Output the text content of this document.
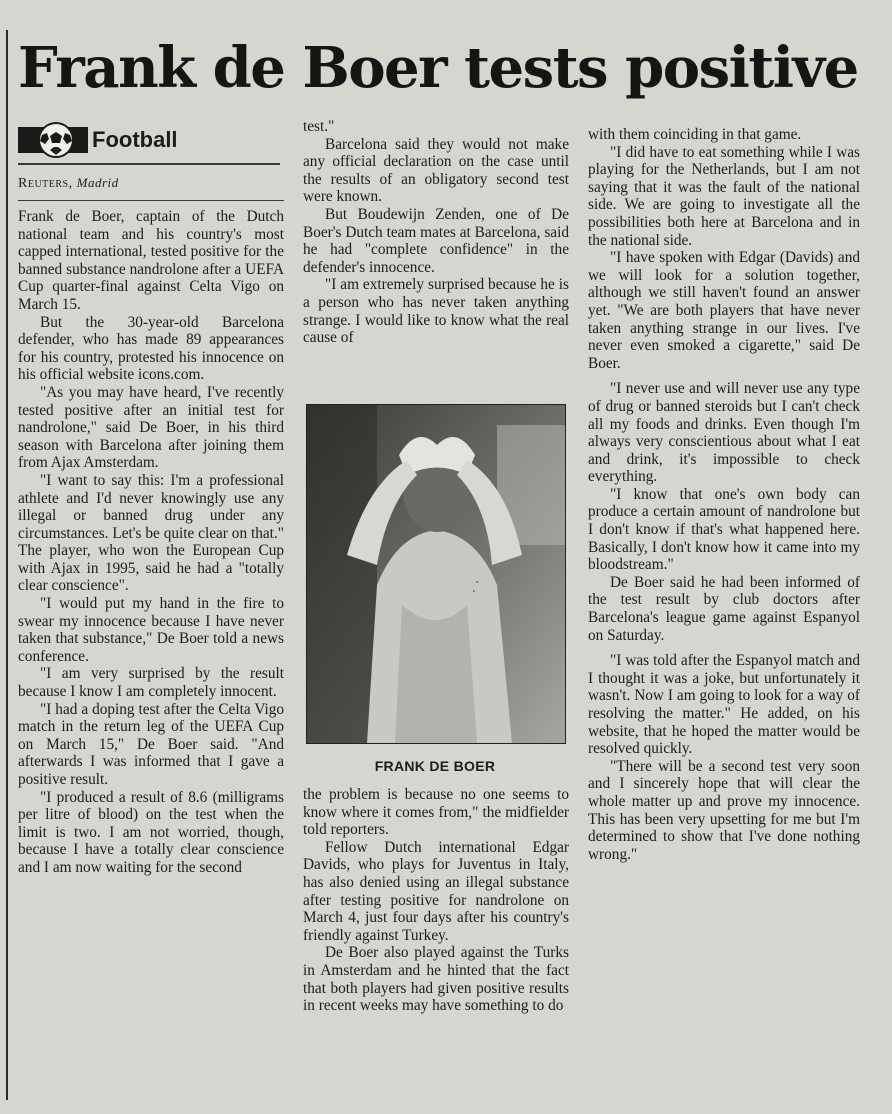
Frank de Boer tests positive
Football
Reuters, Madrid

Frank de Boer, captain of the Dutch national team and his country's most capped international, tested positive for the banned substance nandrolone after a UEFA Cup quarter-final against Celta Vigo on March 15.

But the 30-year-old Barcelona defender, who has made 89 appearances for his country, protested his innocence on his official website icons.com.

"As you may have heard, I've recently tested positive after an initial test for nandrolone," said De Boer, in his third season with Barcelona after joining them from Ajax Amsterdam.

"I want to say this: I'm a professional athlete and I'd never knowingly use any illegal or banned drug under any circumstances. Let's be quite clear on that." The player, who won the European Cup with Ajax in 1995, said he had a "totally clear conscience".

"I would put my hand in the fire to swear my innocence because I have never taken that substance," De Boer told a news conference.

"I am very surprised by the result because I know I am completely innocent.

"I had a doping test after the Celta Vigo match in the return leg of the UEFA Cup on March 15," De Boer said. "And afterwards I was informed that I gave a positive result.

"I produced a result of 8.6 (milligrams per litre of blood) on the test when the limit is two. I am not worried, though, because I have a totally clear conscience and I am now waiting for the second

test."

Barcelona said they would not make any official declaration on the case until the results of an obligatory second test were known.

But Boudewijn Zenden, one of De Boer's Dutch team mates at Barcelona, said he had "complete confidence" in the defender's innocence.

"I am extremely surprised because he is a person who has never taken anything strange. I would like to know what the real cause of

· ·
FRANK DE BOER

the problem is because no one seems to know where it comes from," the midfielder told reporters.

Fellow Dutch international Edgar Davids, who plays for Juventus in Italy, has also denied using an illegal substance after testing positive for nandrolone on March 4, just four days after his country's friendly against Turkey.

De Boer also played against the Turks in Amsterdam and he hinted that the fact that both players had given positive results in recent weeks may have something to do

with them coinciding in that game.

"I did have to eat something while I was playing for the Netherlands, but I am not saying that it was the fault of the national side. We are going to investigate all the possibilities both here at Barcelona and in the national side.

"I have spoken with Edgar (Davids) and we will look for a solution together, although we still haven't found an answer yet. "We are both players that have never taken anything strange in our lives. I've never even smoked a cigarette," said De Boer.

"I never use and will never use any type of drug or banned steroids but I can't check all my foods and drinks. Even though I'm always very conscientious about what I eat and drink, it's impossible to check everything.

"I know that one's own body can produce a certain amount of nandrolone but I don't know if that's what happened here. Basically, I don't know how it came into my bloodstream."

De Boer said he had been informed of the test result by club doctors after Barcelona's league game against Espanyol on Saturday.

"I was told after the Espanyol match and I thought it was a joke, but unfortunately it wasn't. Now I am going to look for a way of resolving the matter." He added, on his website, that he hoped the matter would be resolved quickly.

"There will be a second test very soon and I sincerely hope that will clear the whole matter up and prove my innocence. This has been very upsetting for me but I'm determined to show that I've done nothing wrong."
